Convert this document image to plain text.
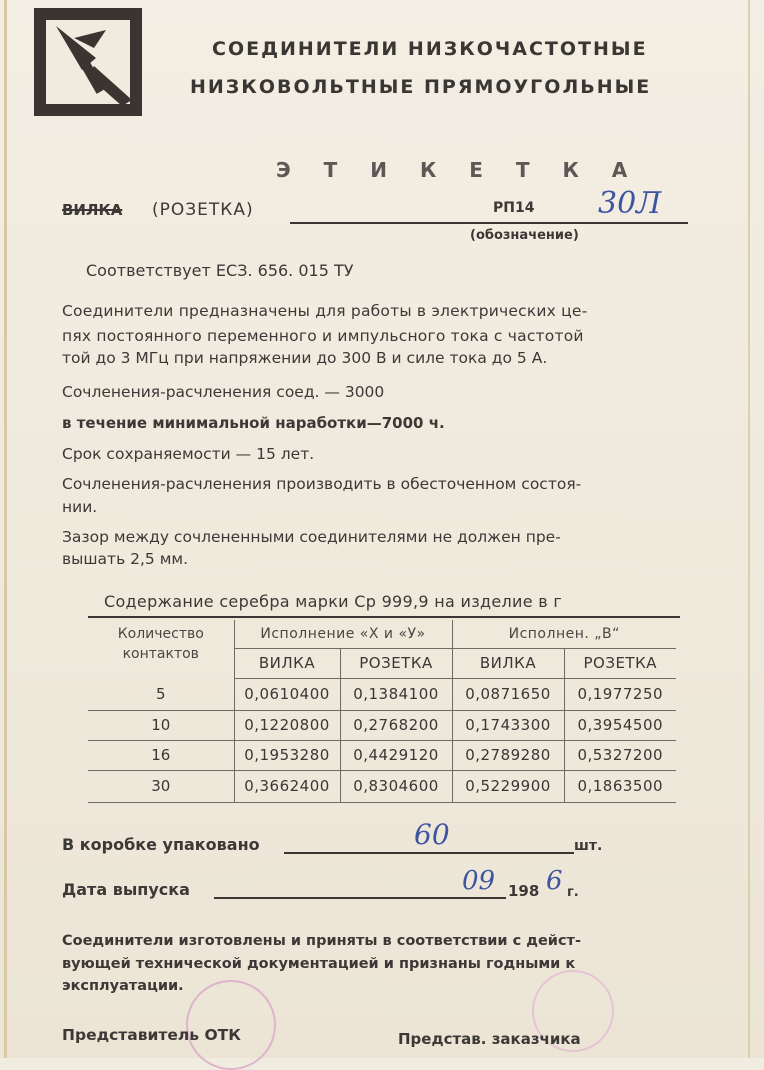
СОЕДИНИТЕЛИ НИЗКОЧАСТОТНЫЕ
НИЗКОВОЛЬТНЫЕ ПРЯМОУГОЛЬНЫЕ
Э Т И К Е Т К А
ВИЛКА (РОЗЕТКА)	РП14 30Л
(обозначение)
Соответствует ЕСЗ. 656. 015 ТУ
Соединители предназначены для работы в электрических це-
пях постоянного переменного и импульсного тока с частотой
той до 3 МГц при напряжении до 300 В и силе тока до 5 А.
Сочленения-расчленения соед. — 3000
в течение минимальной наработки—7000 ч.
Срок сохраняемости — 15 лет.
Сочленения-расчленения производить в обесточенном состоя-
нии.
Зазор между сочлененными соединителями не должен пре-
вышать 2,5 мм.
Содержание серебра марки Ср 999,9 на изделие в г
Количество
контактов	Исполнение «Х и «У»		Исполнен. „В“	
	ВИЛКА	РОЗЕТКА	ВИЛКА	РОЗЕТКА
5	0,0610400	0,1384100	0,0871650	0,1977250
10	0,1220800	0,2768200	0,1743300	0,3954500
16	0,1953280	0,4429120	0,2789280	0,5327200
30	0,3662400	0,8304600	0,5229900	0,1863500
В коробке упаковано	60	шт.
Дата выпуска	09 198 6 г.
Соединители изготовлены и приняты в соответствии с дейст-
вующей технической документацией и признаны годными к
эксплуатации.
Представитель ОТК	Представ. заказчика
